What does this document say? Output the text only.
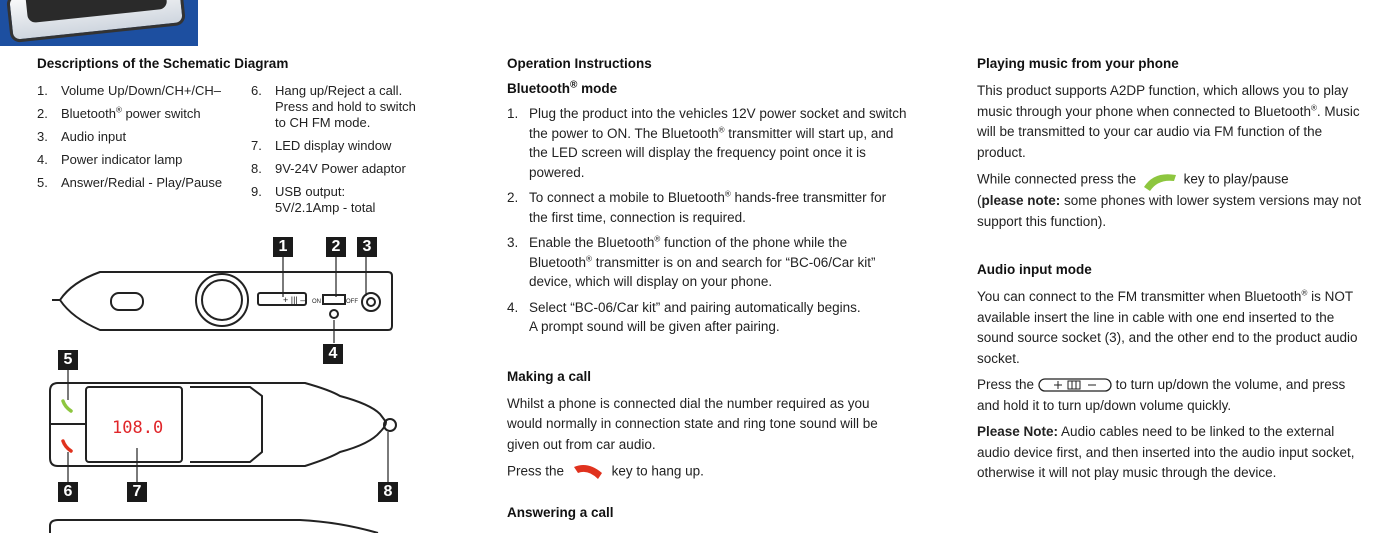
Descriptions of the Schematic Diagram
1. Volume Up/Down/CH+/CH–
2. Bluetooth® power switch
3. Audio input
4. Power indicator lamp
5. Answer/Redial - Play/Pause
6. Hang up/Reject a call.
Press and hold to switch
to CH FM mode.
7. LED display window
8. 9V-24V Power adaptor
9. USB output:
5V/2.1Amp - total
+ ||| – ON	OFF
108.0
1	2	3
4
5
6	7	8
Operation Instructions
Bluetooth® mode
1. Plug the product into the vehicles 12V power socket and switch the power to ON. The Bluetooth® transmitter will start up, and the LED screen will display the frequency point once it is powered.
2. To connect a mobile to Bluetooth® hands-free transmitter for the first time, connection is required.
3. Enable the Bluetooth® function of the phone while the Bluetooth® transmitter is on and search for “BC-06/Car kit” device, which will display on your phone.
4. Select “BC-06/Car kit” and pairing automatically begins.
A prompt sound will be given after pairing.
Making a call
Whilst a phone is connected dial the number required as you would normally in connection state and ring tone sound will be given out from car audio.
Press the	key to hang up.
Answering a call
Playing music from your phone
This product supports A2DP function, which allows you to play music through your phone when connected to Bluetooth®. Music will be transmitted to your car audio via FM function of the product.
While connected press the	key to play/pause
(please note: some phones with lower system versions may not support this function).
Audio input mode
You can connect to the FM transmitter when Bluetooth® is NOT available insert the line in cable with one end inserted to the sound source socket (3), and the other end to the product audio socket.
Press the	to turn up/down the volume, and press and hold it to turn up/down volume quickly.
Please Note: Audio cables need to be linked to the external audio device first, and then inserted into the audio input socket, otherwise it will not play music through the device.
